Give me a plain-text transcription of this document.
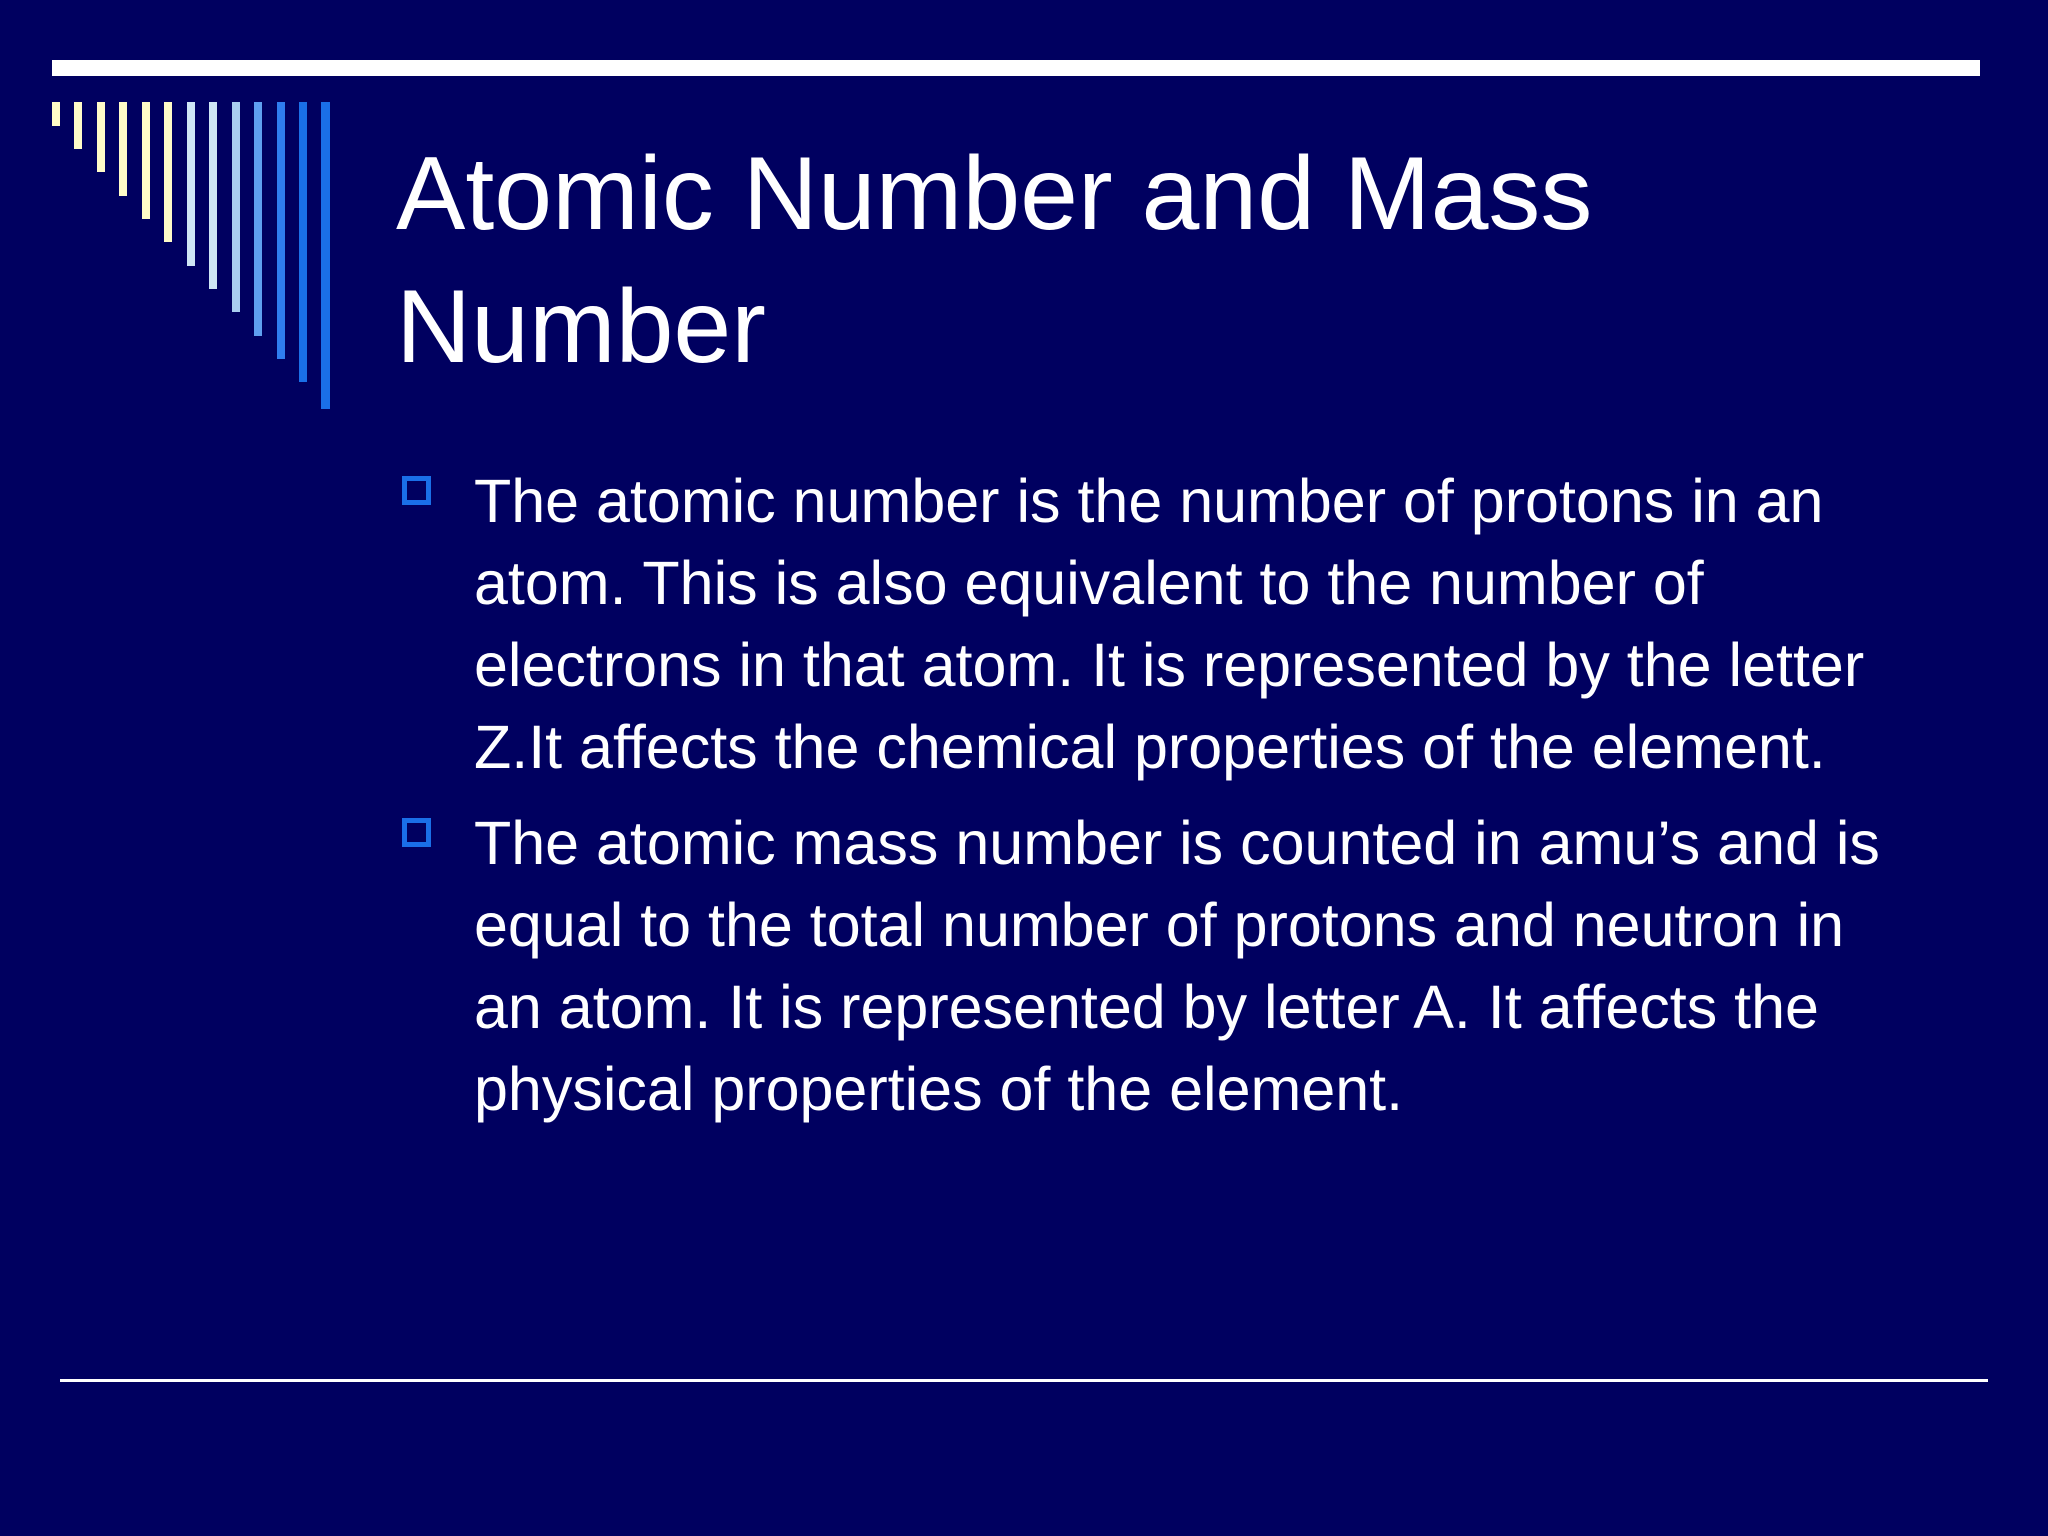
Atomic Number and Mass Number
The atomic number is the number of protons in an atom. This is also equivalent to the number of electrons in that atom. It is represented by the letter Z.It affects the chemical properties of the element.
The atomic mass number is counted in amu’s and is equal to the total number of protons and neutron in an atom. It is represented by letter A. It affects the physical properties of the element.
